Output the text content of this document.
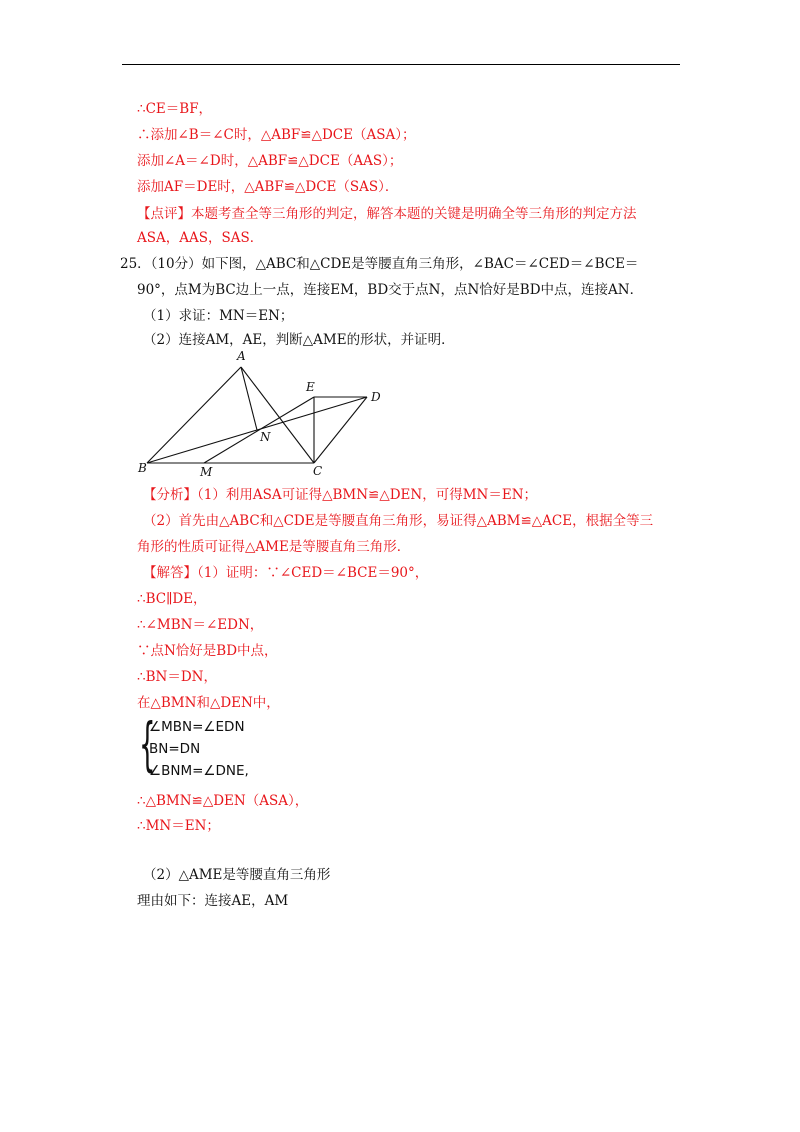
∴CE＝BF，
∴添加∠B＝∠C时，△ABF≌△DCE（ASA）；
添加∠A＝∠D时，△ABF≌△DCE（AAS）；
添加AF＝DE时，△ABF≌△DCE（SAS）．
【点评】本题考查全等三角形的判定，解答本题的关键是明确全等三角形的判定方法
ASA，AAS，SAS．
25．（10分）如下图，△ABC和△CDE是等腰直角三角形，∠BAC＝∠CED＝∠BCE＝
90°，点M为BC边上一点，连接EM，BD交于点N，点N恰好是BD中点，连接AN．
（1）求证：MN＝EN；
（2）连接AM，AE，判断△AME的形状，并证明．
A
B	C
D
E
M
N
【分析】（1）利用ASA可证得△BMN≌△DEN，可得MN＝EN；
（2）首先由△ABC和△CDE是等腰直角三角形，易证得△ABM≌△ACE，根据全等三
角形的性质可证得△AME是等腰直角三角形．
【解答】（1）证明：∵∠CED＝∠BCE＝90°，
∴BC∥DE，
∴∠MBN＝∠EDN，
∵点N恰好是BD中点，
∴BN＝DN，
在△BMN和△DEN中，
{
∠MBN=∠EDN
BN=DN
∠BNM=∠DNE,
∴△BMN≌△DEN（ASA），
∴MN＝EN；
（2）△AME是等腰直角三角形
理由如下：连接AE，AM
